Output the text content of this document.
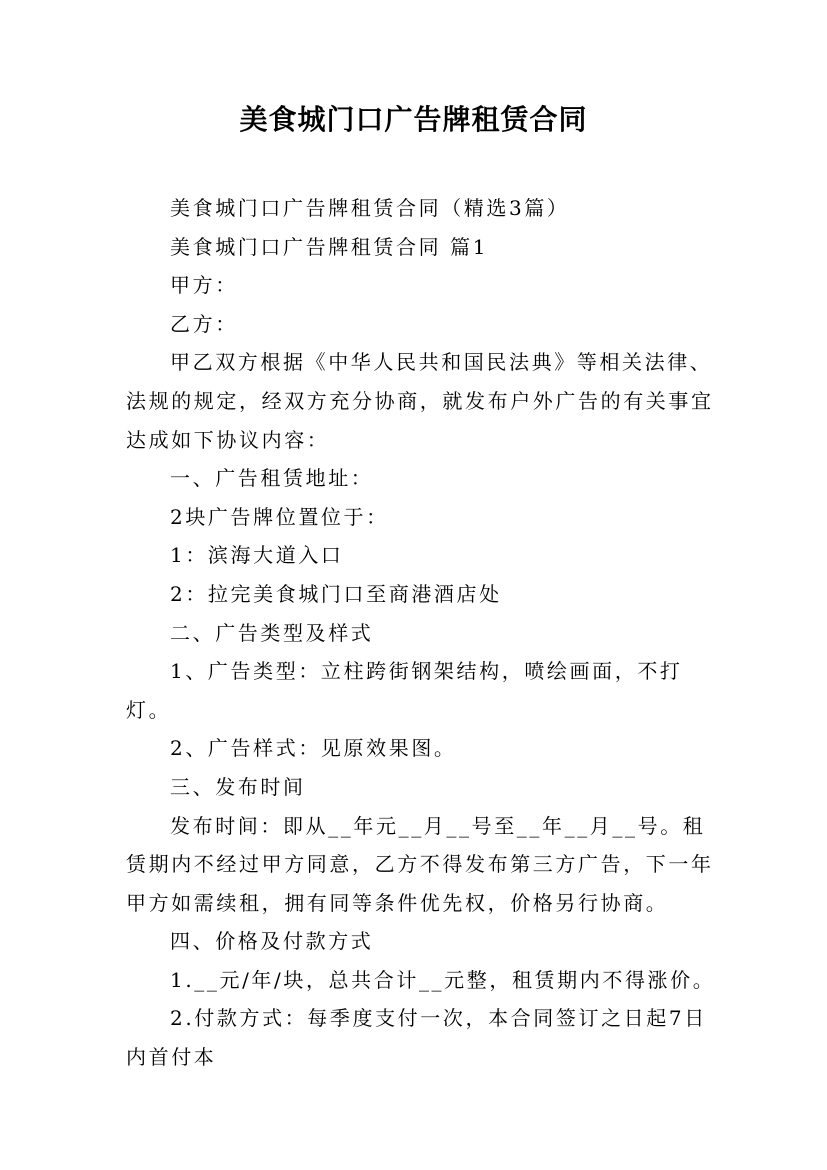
美食城门口广告牌租赁合同

美食城门口广告牌租赁合同（精选3篇）

美食城门口广告牌租赁合同 篇1

甲方：

乙方：

甲乙双方根据《中华人民共和国民法典》等相关法律、法规的规定，经双方充分协商，就发布户外广告的有关事宜达成如下协议内容：

一、广告租赁地址：

2块广告牌位置位于：

1：滨海大道入口

2：拉完美食城门口至商港酒店处

二、广告类型及样式

1、广告类型：立柱跨街钢架结构，喷绘画面，不打灯。

2、广告样式：见原效果图。

三、发布时间

发布时间：即从__年元__月__号至__年__月__号。租赁期内不经过甲方同意，乙方不得发布第三方广告，下一年甲方如需续租，拥有同等条件优先权，价格另行协商。

四、价格及付款方式

1.__元/年/块，总共合计__元整，租赁期内不得涨价。

2.付款方式：每季度支付一次，本合同签订之日起7日内首付本
